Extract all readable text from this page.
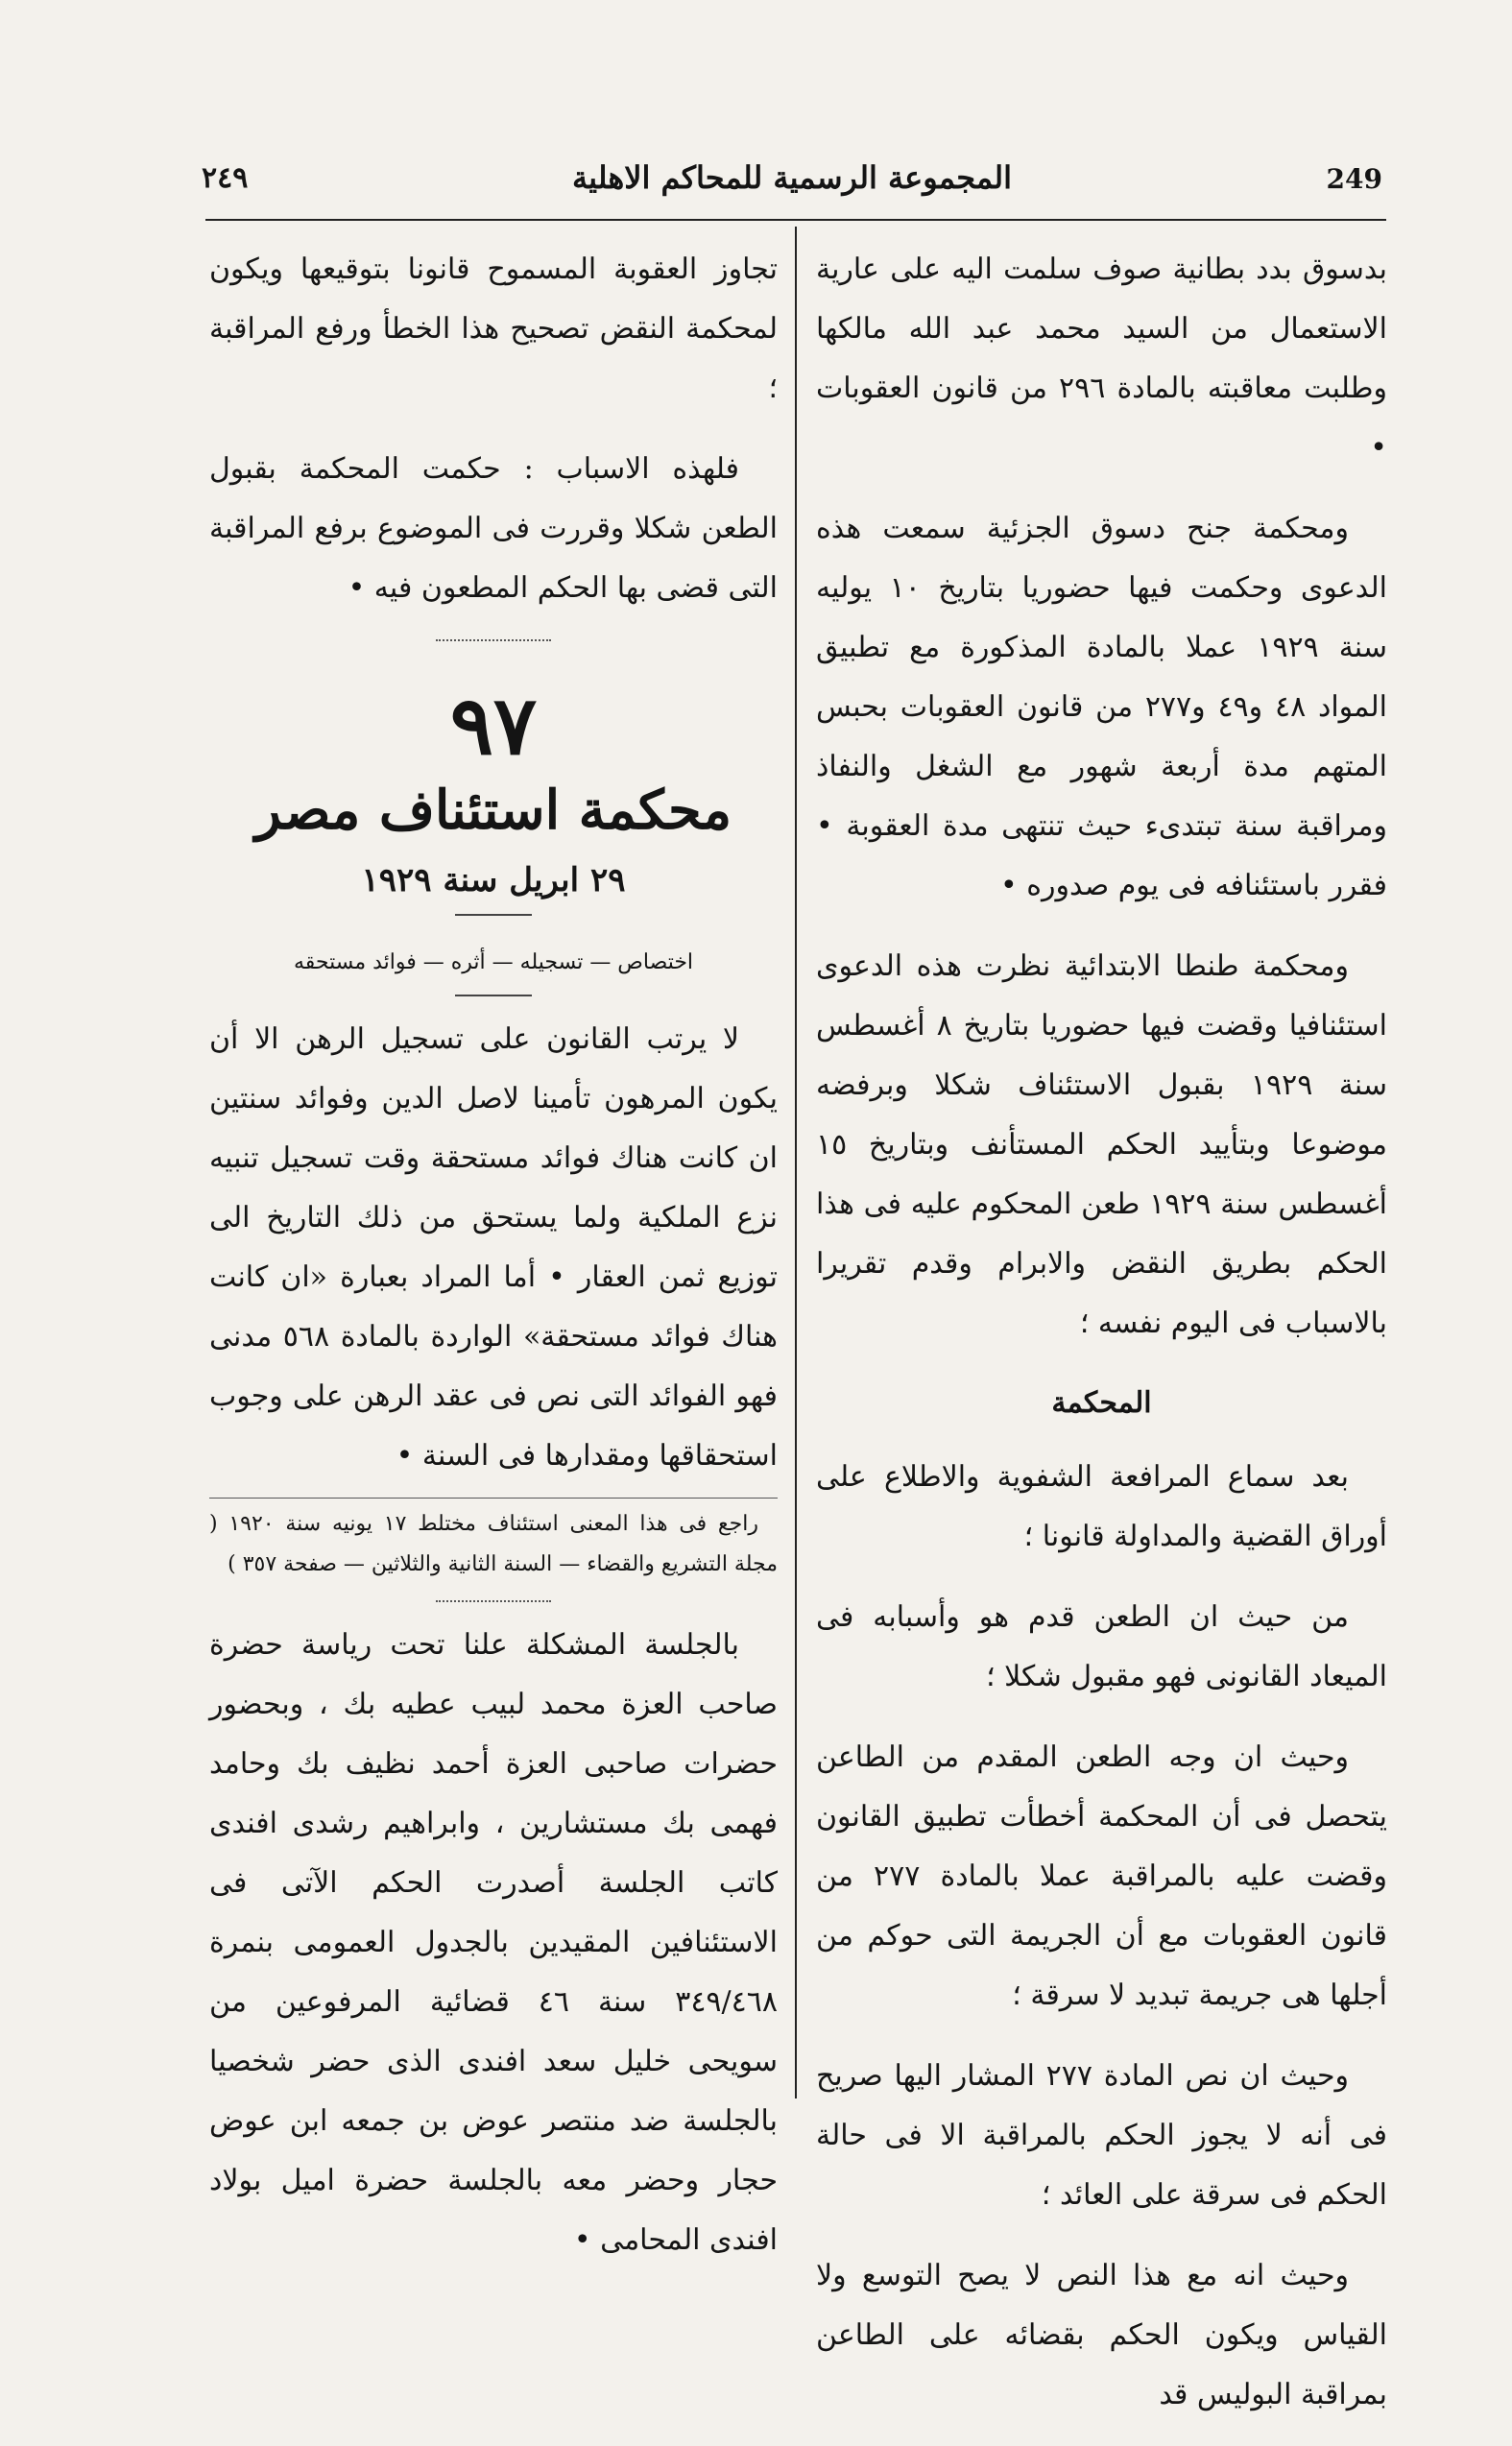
٢٤٩	المجموعة الرسمية للمحاكم الاهلية	249

بدسوق بدد بطانية صوف سلمت اليه على عارية الاستعمال من السيد محمد عبد الله مالكها وطلبت معاقبته بالمادة ٢٩٦ من قانون العقوبات •

ومحكمة جنح دسوق الجزئية سمعت هذه الدعوى وحكمت فيها حضوريا بتاريخ ١٠ يوليه سنة ١٩٢٩ عملا بالمادة المذكورة مع تطبيق المواد ٤٨ و٤٩ و٢٧٧ من قانون العقوبات بحبس المتهم مدة أربعة شهور مع الشغل والنفاذ ومراقبة سنة تبتدىء حيث تنتهى مدة العقوبة • فقرر باستئنافه فى يوم صدوره •

ومحكمة طنطا الابتدائية نظرت هذه الدعوى استئنافيا وقضت فيها حضوريا بتاريخ ٨ أغسطس سنة ١٩٢٩ بقبول الاستئناف شكلا وبرفضه موضوعا وبتأييد الحكم المستأنف وبتاريخ ١٥ أغسطس سنة ١٩٢٩ طعن المحكوم عليه فى هذا الحكم بطريق النقض والابرام وقدم تقريرا بالاسباب فى اليوم نفسه ؛

المحكمة

بعد سماع المرافعة الشفوية والاطلاع على أوراق القضية والمداولة قانونا ؛

من حيث ان الطعن قدم هو وأسبابه فى الميعاد القانونى فهو مقبول شكلا ؛

وحيث ان وجه الطعن المقدم من الطاعن يتحصل فى أن المحكمة أخطأت تطبيق القانون وقضت عليه بالمراقبة عملا بالمادة ٢٧٧ من قانون العقوبات مع أن الجريمة التى حوكم من أجلها هى جريمة تبديد لا سرقة ؛

وحيث ان نص المادة ٢٧٧ المشار اليها صريح فى أنه لا يجوز الحكم بالمراقبة الا فى حالة الحكم فى سرقة على العائد ؛

وحيث انه مع هذا النص لا يصح التوسع ولا القياس ويكون الحكم بقضائه على الطاعن بمراقبة البوليس قد

تجاوز العقوبة المسموح قانونا بتوقيعها ويكون لمحكمة النقض تصحيح هذا الخطأ ورفع المراقبة ؛

فلهذه الاسباب : حكمت المحكمة بقبول الطعن شكلا وقررت فى الموضوع برفع المراقبة التى قضى بها الحكم المطعون فيه •

٩٧
محكمة استئناف مصر
٢٩ ابريل سنة ١٩٢٩
اختصاص — تسجيله — أثره — فوائد مستحقه

لا يرتب القانون على تسجيل الرهن الا أن يكون المرهون تأمينا لاصل الدين وفوائد سنتين ان كانت هناك فوائد مستحقة وقت تسجيل تنبيه نزع الملكية ولما يستحق من ذلك التاريخ الى توزيع ثمن العقار • أما المراد بعبارة «ان كانت هناك فوائد مستحقة» الواردة بالمادة ٥٦٨ مدنى فهو الفوائد التى نص فى عقد الرهن على وجوب استحقاقها ومقدارها فى السنة •

راجع فى هذا المعنى استئناف مختلط ١٧ يونيه سنة ١٩٢٠ ( مجلة التشريع والقضاء — السنة الثانية والثلاثين — صفحة ٣٥٧ )

بالجلسة المشكلة علنا تحت رياسة حضرة صاحب العزة محمد لبيب عطيه بك ، وبحضور حضرات صاحبى العزة أحمد نظيف بك وحامد فهمى بك مستشارين ، وابراهيم رشدى افندى كاتب الجلسة أصدرت الحكم الآتى فى الاستئنافين المقيدين بالجدول العمومى بنمرة ٣٤٩/٤٦٨ سنة ٤٦ قضائية المرفوعين من سويحى خليل سعد افندى الذى حضر شخصيا بالجلسة ضد منتصر عوض بن جمعه ابن عوض حجار وحضر معه بالجلسة حضرة اميل بولاد افندى المحامى •
